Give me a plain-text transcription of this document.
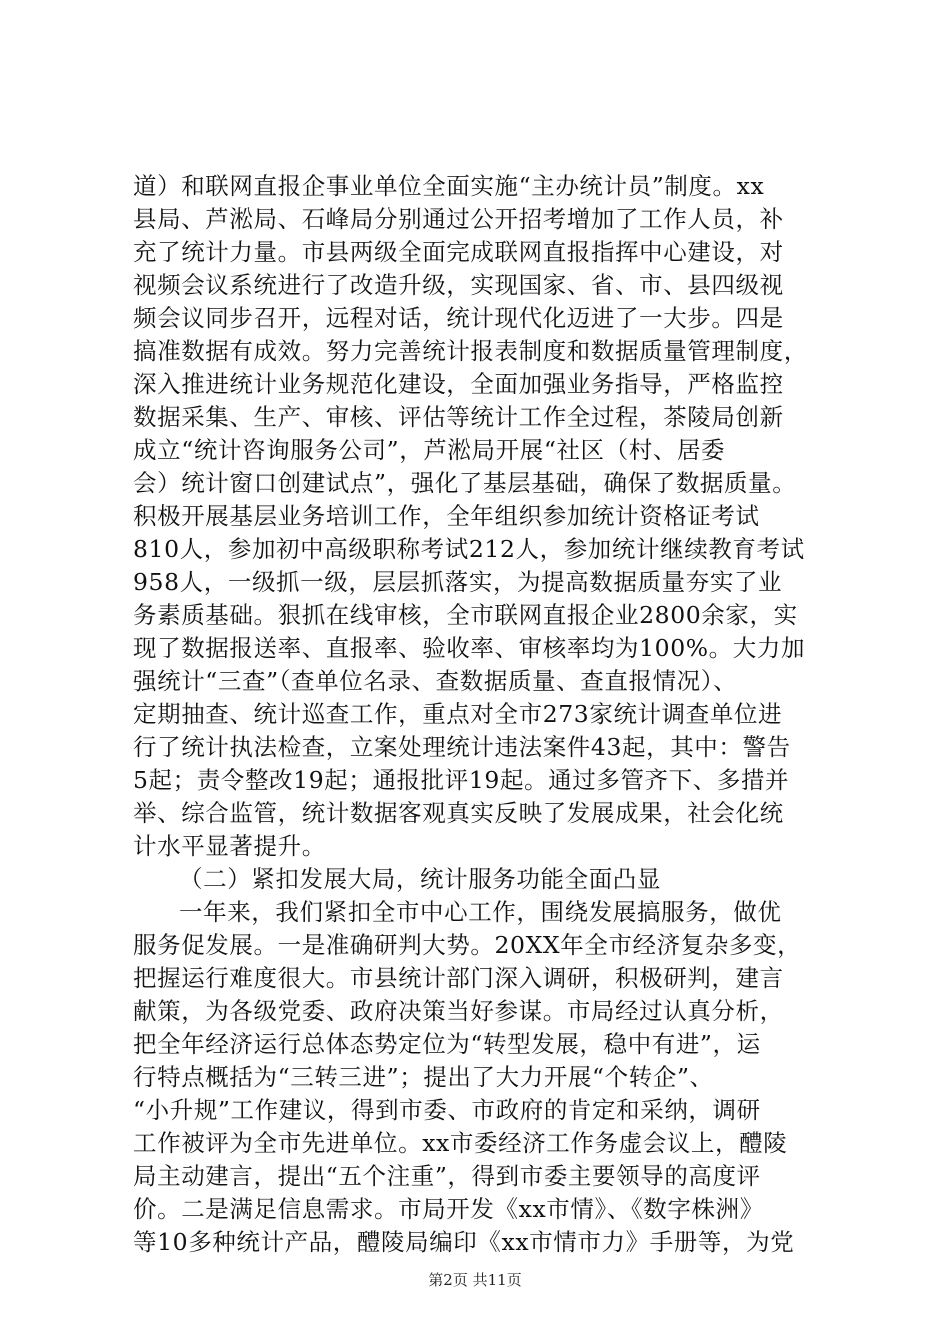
道）和联网直报企事业单位全面实施“主办统计员”制度。xx
县局、芦淞局、石峰局分别通过公开招考增加了工作人员，补
充了统计力量。市县两级全面完成联网直报指挥中心建设，对
视频会议系统进行了改造升级，实现国家、省、市、县四级视
频会议同步召开，远程对话，统计现代化迈进了一大步。四是
搞准数据有成效。努力完善统计报表制度和数据质量管理制度，
深入推进统计业务规范化建设，全面加强业务指导，严格监控
数据采集、生产、审核、评估等统计工作全过程，茶陵局创新
成立“统计咨询服务公司”，芦淞局开展“社区（村、居委
会）统计窗口创建试点”，强化了基层基础，确保了数据质量。
积极开展基层业务培训工作，全年组织参加统计资格证考试
810人，参加初中高级职称考试212人，参加统计继续教育考试
958人，一级抓一级，层层抓落实，为提高数据质量夯实了业
务素质基础。狠抓在线审核，全市联网直报企业2800余家，实
现了数据报送率、直报率、验收率、审核率均为100%。大力加
强统计“三查”（查单位名录、查数据质量、查直报情况）、
定期抽查、统计巡查工作，重点对全市273家统计调查单位进
行了统计执法检查，立案处理统计违法案件43起，其中：警告
5起；责令整改19起；通报批评19起。通过多管齐下、多措并
举、综合监管，统计数据客观真实反映了发展成果，社会化统
计水平显著提升。
（二）紧扣发展大局，统计服务功能全面凸显
一年来，我们紧扣全市中心工作，围绕发展搞服务，做优
服务促发展。一是准确研判大势。20XX年全市经济复杂多变，
把握运行难度很大。市县统计部门深入调研，积极研判，建言
献策，为各级党委、政府决策当好参谋。市局经过认真分析，
把全年经济运行总体态势定位为“转型发展，稳中有进”，运
行特点概括为“三转三进”；提出了大力开展“个转企”、
“小升规”工作建议，得到市委、市政府的肯定和采纳，调研
工作被评为全市先进单位。xx市委经济工作务虚会议上，醴陵
局主动建言，提出“五个注重”，得到市委主要领导的高度评
价。二是满足信息需求。市局开发《xx市情》、《数字株洲》
等10多种统计产品，醴陵局编印《xx市情市力》手册等，为党
第2页 共11页
